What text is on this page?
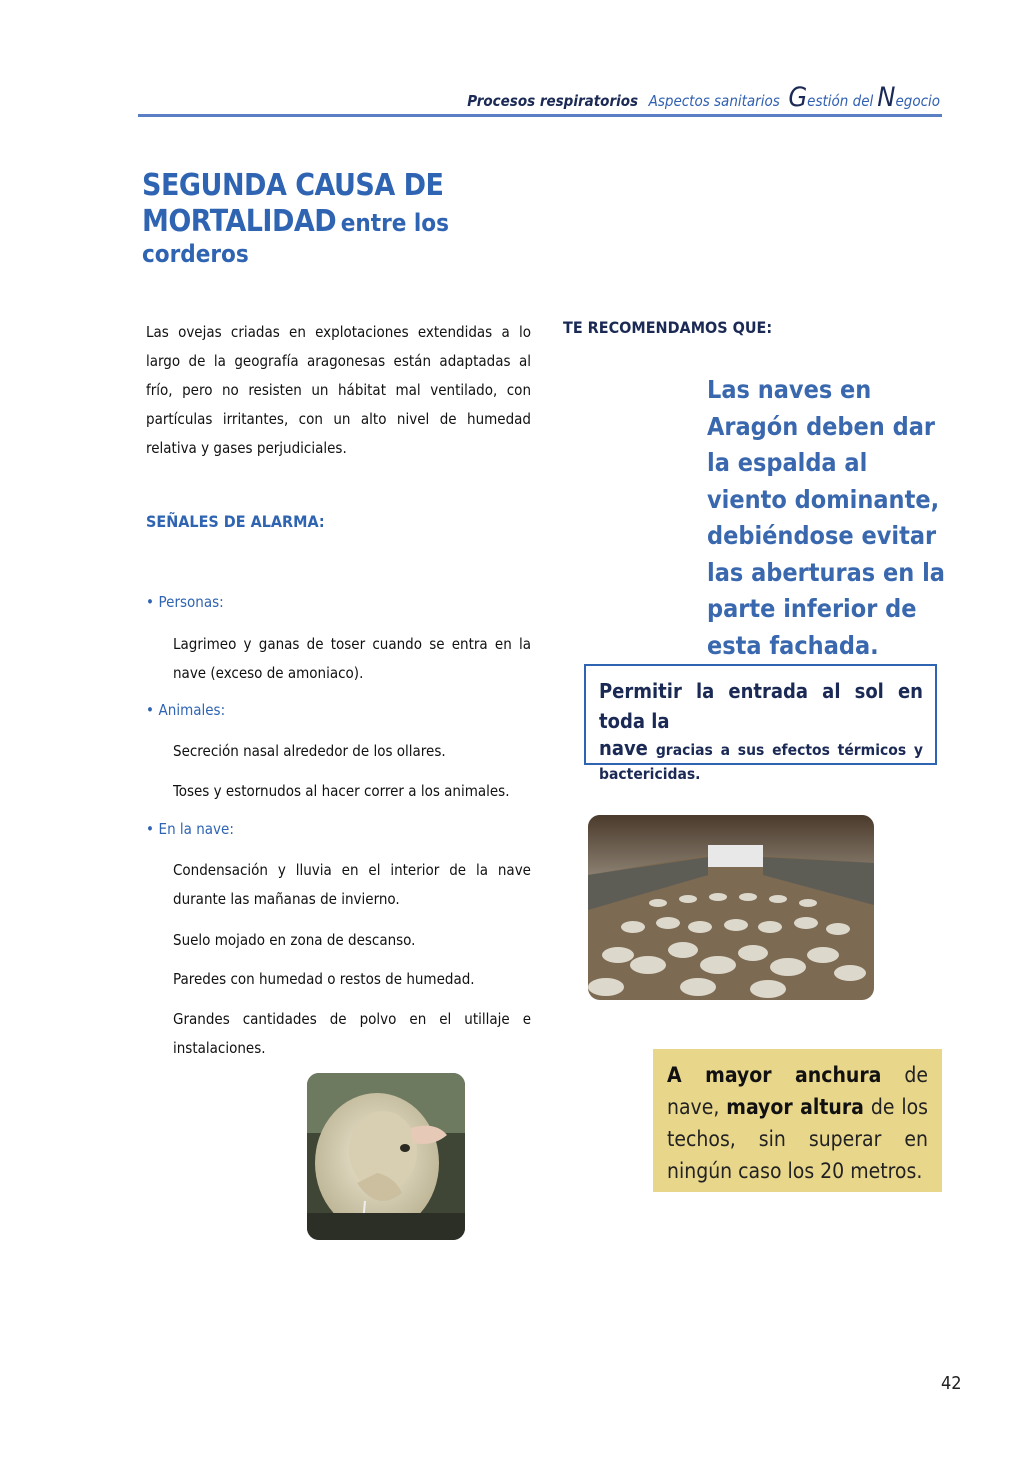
Procesos respiratorios Aspectos sanitarios Gestión del Negocio
SEGUNDA CAUSA DE
MORTALIDAD entre los
corderos
Las ovejas criadas en explotaciones extendidas a lo largo de la geografía aragonesas están adaptadas al frío, pero no resisten un hábitat mal ventilado, con partículas irritantes, con un alto nivel de humedad relativa y gases perjudiciales.
SEÑALES DE ALARMA:
• Personas:
Lagrimeo y ganas de toser cuando se entra en la nave (exceso de amoniaco).
• Animales:
Secreción nasal alrededor de los ollares.
Toses y estornudos al hacer correr a los animales.
• En la nave:
Condensación y lluvia en el interior de la nave durante las mañanas de invierno.
Suelo mojado en zona de descanso.
Paredes con humedad o restos de humedad.
Grandes cantidades de polvo en el utillaje e instalaciones.
TE RECOMENDAMOS QUE:
Las naves en Aragón deben dar la espalda al viento dominante, debiéndose evitar las aberturas en la parte inferior de esta fachada.
Permitir la entrada al sol en toda la
nave gracias a sus efectos térmicos y bactericidas.
A mayor anchura de nave, mayor altura de los techos, sin superar en ningún caso los 20 metros.
42
